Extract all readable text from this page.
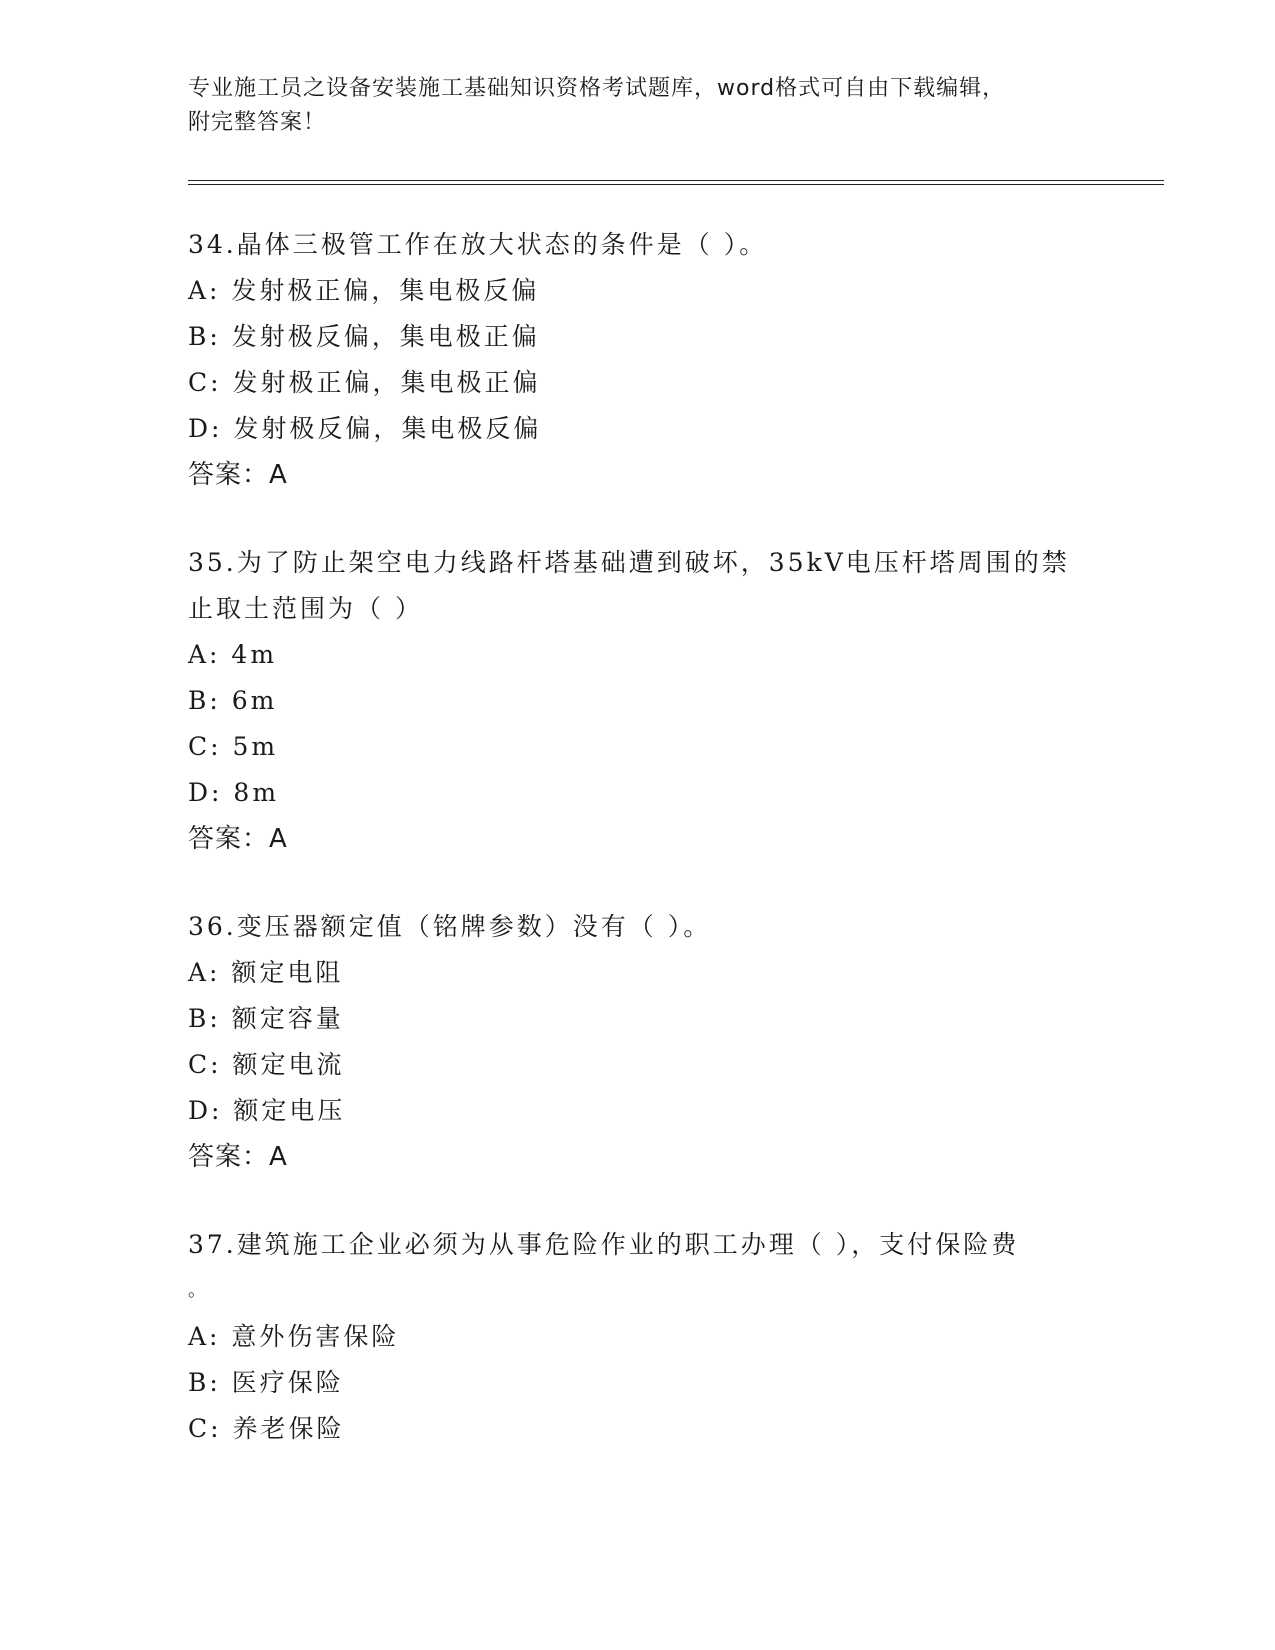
专业施工员之设备安装施工基础知识资格考试题库，word格式可自由下载编辑，
附完整答案！
34.晶体三极管工作在放大状态的条件是（ ）。
A: 发射极正偏，集电极反偏
B: 发射极反偏，集电极正偏
C: 发射极正偏，集电极正偏
D: 发射极反偏，集电极反偏
答案：A
35.为了防止架空电力线路杆塔基础遭到破坏，35kV电压杆塔周围的禁
止取土范围为（ ）
A: 4m
B: 6m
C: 5m
D: 8m
答案：A
36.变压器额定值（铭牌参数）没有（ ）。
A: 额定电阻
B: 额定容量
C: 额定电流
D: 额定电压
答案：A
37.建筑施工企业必须为从事危险作业的职工办理（ ），支付保险费
。
A: 意外伤害保险
B: 医疗保险
C: 养老保险
